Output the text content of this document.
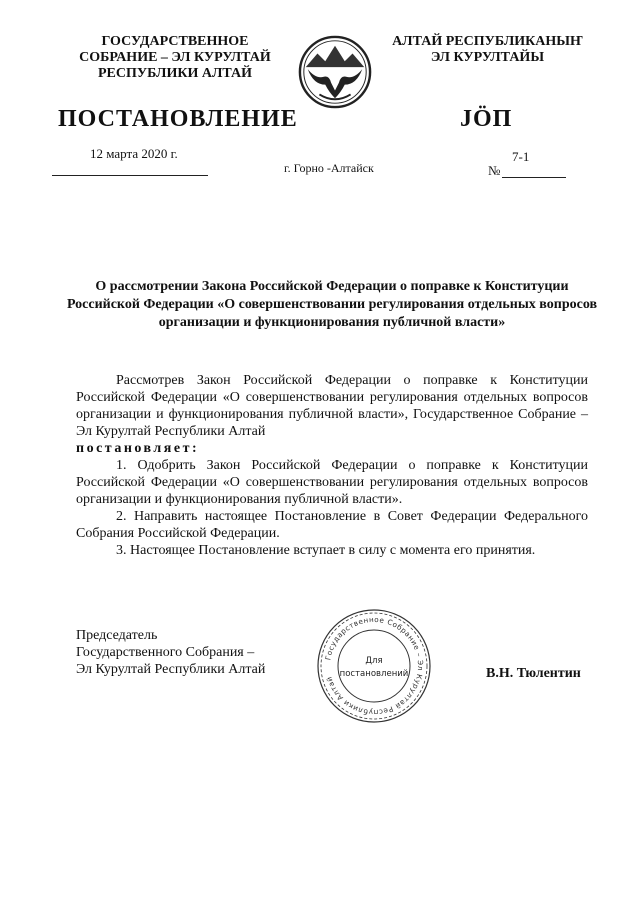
ГОСУДАРСТВЕННОЕ
СОБРАНИЕ – ЭЛ КУРУЛТАЙ
РЕСПУБЛИКИ АЛТАЙ
АЛТАЙ РЕСПУБЛИКАНЫҤ
ЭЛ КУРУЛТАЙЫ
ПОСТАНОВЛЕНИЕ	JÖП
12 марта 2020 г.
г. Горно -Алтайск
7-1
№
О рассмотрении Закона Российской Федерации о поправке к Конституции Российской Федерации «О совершенствовании регулирования отдельных вопросов организации и функционирования публичной власти»

Рассмотрев Закон Российской Федерации о поправке к Конституции Российской Федерации «О совершенствовании регулирования отдельных вопросов организации и функционирования публичной власти», Государственное Собрание – Эл Курултай Республики Алтай

постановляет:

1. Одобрить Закон Российской Федерации о поправке к Конституции Российской Федерации «О совершенствовании регулирования отдельных вопросов организации и функционирования публичной власти».

2. Направить настоящее Постановление в Совет Федерации Федерального Собрания Российской Федерации.

3. Настоящее Постановление вступает в силу с момента его принятия.

Председатель
Государственного Собрания –
Эл Курултай Республики Алтай
Государственное Собрание – Эл Курултай Республики Алтай
Для
постановлений	В.Н. Тюлентин
